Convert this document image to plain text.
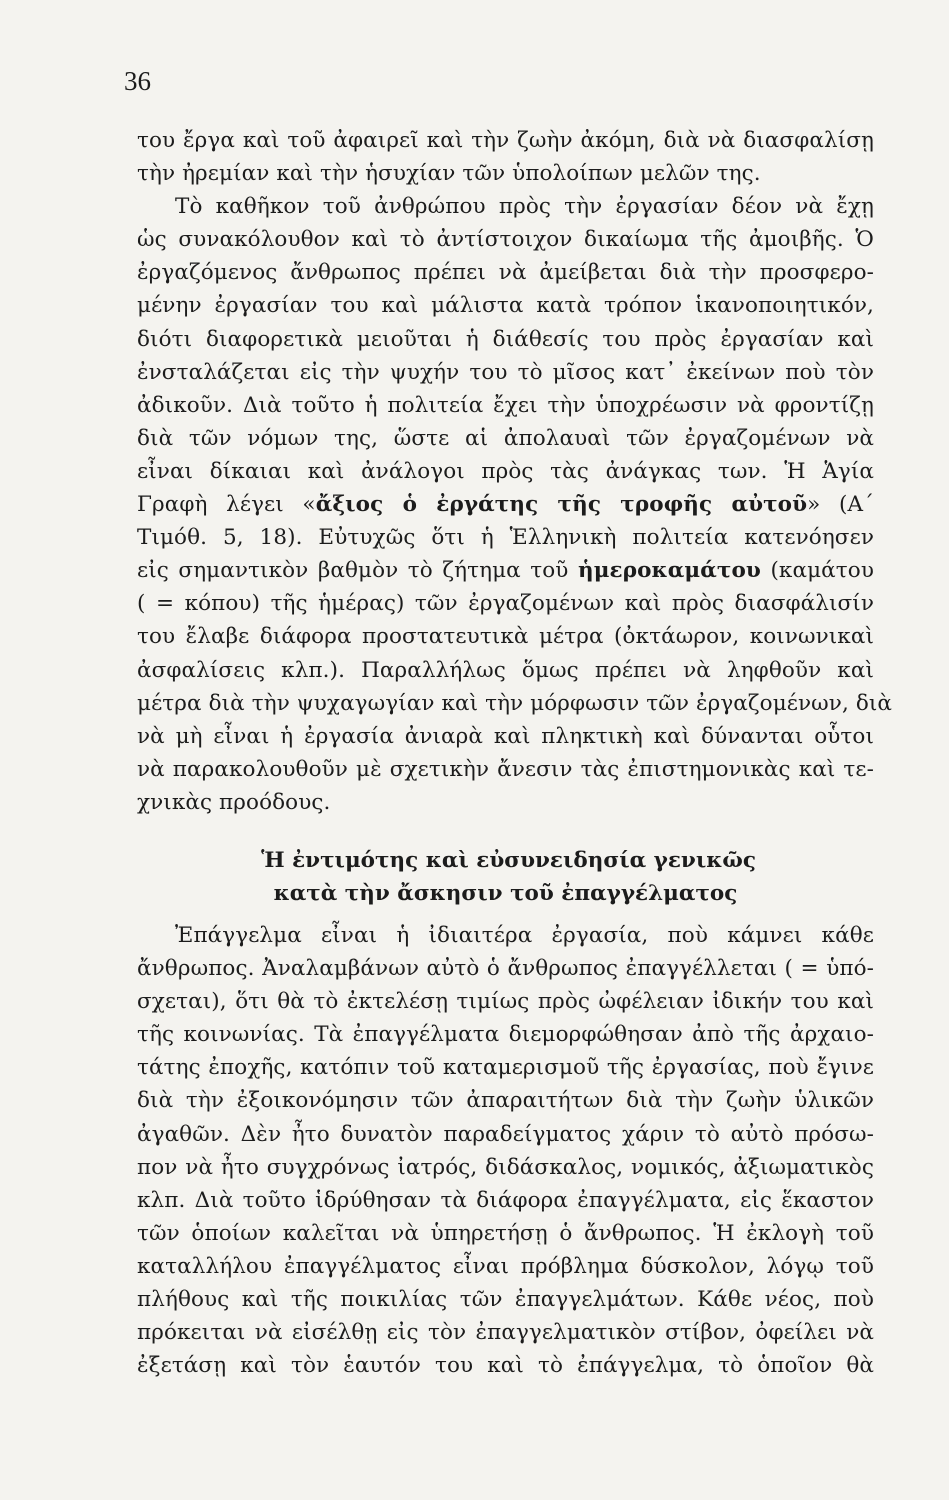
36
του ἔργα καὶ τοῦ ἀφαιρεῖ καὶ τὴν ζωὴν ἀκόμη, διὰ νὰ διασφαλίσῃ
τὴν ἠρεμίαν καὶ τὴν ἡσυχίαν τῶν ὑπολοίπων μελῶν της.
Τὸ καθῆκον τοῦ ἀνθρώπου πρὸς τὴν ἐργασίαν δέον νὰ ἔχῃ
ὡς συνακόλουθον καὶ τὸ ἀντίστοιχον δικαίωμα τῆς ἀμοιβῆς. Ὁ
ἐργαζόμενος ἄνθρωπος πρέπει νὰ ἀμείβεται διὰ τὴν προσφερο-
μένην ἐργασίαν του καὶ μάλιστα κατὰ τρόπον ἱκανοποιητικόν,
διότι διαφορετικὰ μειοῦται ἡ διάθεσίς του πρὸς ἐργασίαν καὶ
ἐνσταλάζεται εἰς τὴν ψυχήν του τὸ μῖσος κατ᾽ ἐκείνων ποὺ τὸν
ἀδικοῦν. Διὰ τοῦτο ἡ πολιτεία ἔχει τὴν ὑποχρέωσιν νὰ φροντίζῃ
διὰ τῶν νόμων της, ὥστε αἱ ἀπολαυαὶ τῶν ἐργαζομένων νὰ
εἶναι δίκαιαι καὶ ἀνάλογοι πρὸς τὰς ἀνάγκας των. Ἡ Ἁγία
Γραφὴ λέγει «ἄξιος ὁ ἐργάτης τῆς τροφῆς αὐτοῦ» (Α΄
Τιμόθ. 5, 18). Εὐτυχῶς ὅτι ἡ Ἑλληνικὴ πολιτεία κατενόησεν
εἰς σημαντικὸν βαθμὸν τὸ ζήτημα τοῦ ἡμεροκαμάτου (καμάτου
( = κόπου) τῆς ἡμέρας) τῶν ἐργαζομένων καὶ πρὸς διασφάλισίν
του ἔλαβε διάφορα προστατευτικὰ μέτρα (ὀκτάωρον, κοινωνικαὶ
ἀσφαλίσεις κλπ.). Παραλλήλως ὅμως πρέπει νὰ ληφθοῦν καὶ
μέτρα διὰ τὴν ψυχαγωγίαν καὶ τὴν μόρφωσιν τῶν ἐργαζομένων, διὰ
νὰ μὴ εἶναι ἡ ἐργασία ἀνιαρὰ καὶ πληκτικὴ καὶ δύνανται οὗτοι
νὰ παρακολουθοῦν μὲ σχετικὴν ἄνεσιν τὰς ἐπιστημονικὰς καὶ τε-
χνικὰς προόδους.
Ἡ ἐντιμότης καὶ εὐσυνειδησία γενικῶς
κατὰ τὴν ἄσκησιν τοῦ ἐπαγγέλματος
Ἐπάγγελμα εἶναι ἡ ἰδιαιτέρα ἐργασία, ποὺ κάμνει κάθε
ἄνθρωπος. Ἀναλαμβάνων αὐτὸ ὁ ἄνθρωπος ἐπαγγέλλεται ( = ὑπό-
σχεται), ὅτι θὰ τὸ ἐκτελέσῃ τιμίως πρὸς ὠφέλειαν ἰδικήν του καὶ
τῆς κοινωνίας. Τὰ ἐπαγγέλματα διεμορφώθησαν ἀπὸ τῆς ἀρχαιο-
τάτης ἐποχῆς, κατόπιν τοῦ καταμερισμοῦ τῆς ἐργασίας, ποὺ ἔγινε
διὰ τὴν ἐξοικονόμησιν τῶν ἀπαραιτήτων διὰ τὴν ζωὴν ὑλικῶν
ἀγαθῶν. Δὲν ἦτο δυνατὸν παραδείγματος χάριν τὸ αὐτὸ πρόσω-
πον νὰ ἦτο συγχρόνως ἰατρός, διδάσκαλος, νομικός, ἀξιωματικὸς
κλπ. Διὰ τοῦτο ἱδρύθησαν τὰ διάφορα ἐπαγγέλματα, εἰς ἕκαστον
τῶν ὁποίων καλεῖται νὰ ὑπηρετήσῃ ὁ ἄνθρωπος. Ἡ ἐκλογὴ τοῦ
καταλλήλου ἐπαγγέλματος εἶναι πρόβλημα δύσκολον, λόγῳ τοῦ
πλήθους καὶ τῆς ποικιλίας τῶν ἐπαγγελμάτων. Κάθε νέος, ποὺ
πρόκειται νὰ εἰσέλθῃ εἰς τὸν ἐπαγγελματικὸν στίβον, ὀφείλει νὰ
ἐξετάσῃ καὶ τὸν ἑαυτόν του καὶ τὸ ἐπάγγελμα, τὸ ὁποῖον θὰ
